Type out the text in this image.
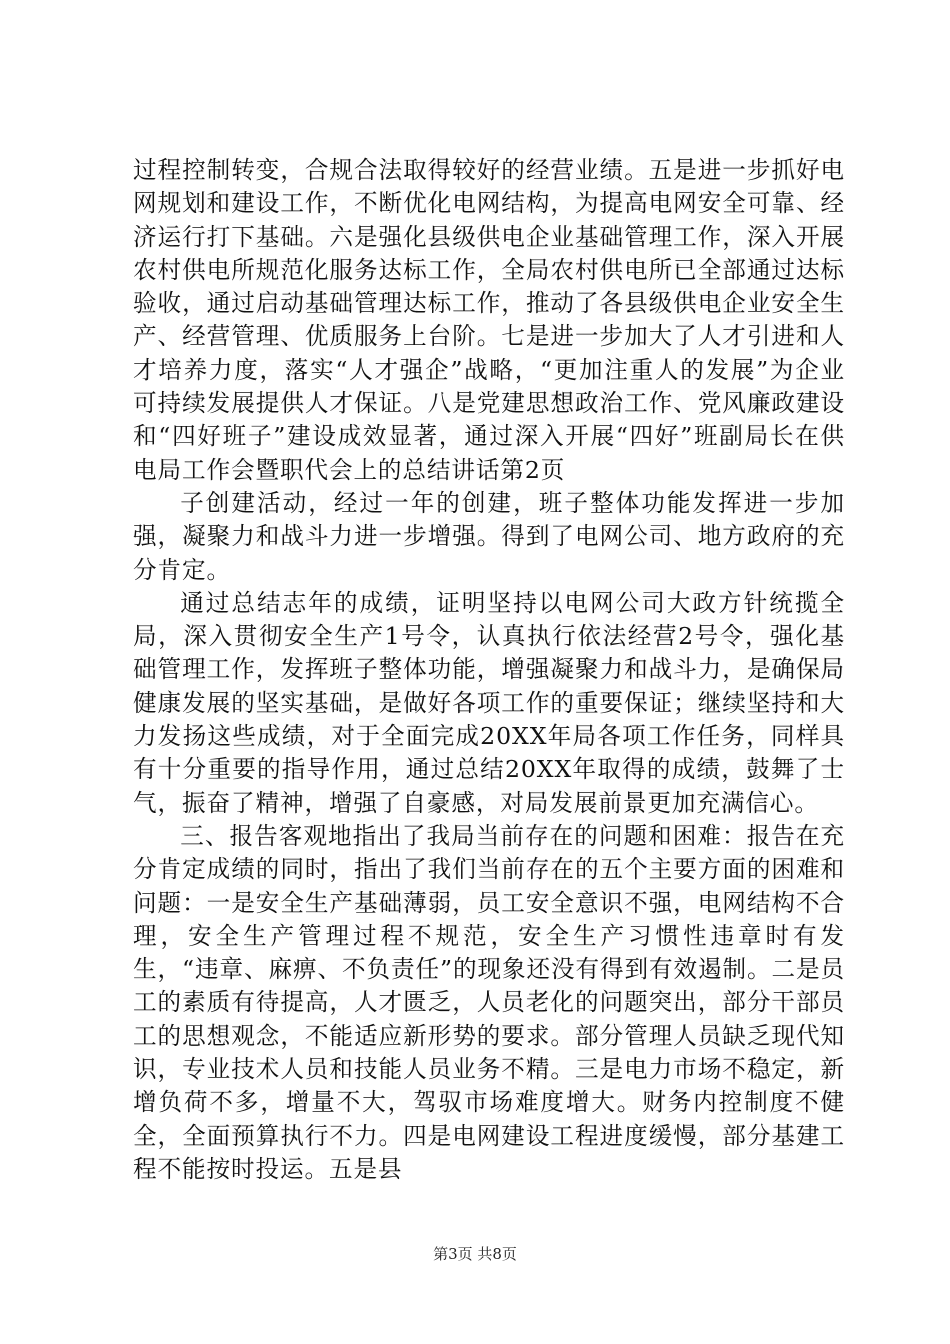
过程控制转变，合规合法取得较好的经营业绩。五是进一步抓好电网规划和建设工作，不断优化电网结构，为提高电网安全可靠、经济运行打下基础。六是强化县级供电企业基础管理工作，深入开展农村供电所规范化服务达标工作，全局农村供电所已全部通过达标验收，通过启动基础管理达标工作，推动了各县级供电企业安全生产、经营管理、优质服务上台阶。七是进一步加大了人才引进和人才培养力度，落实“人才强企”战略，“更加注重人的发展”为企业可持续发展提供人才保证。八是党建思想政治工作、党风廉政建设和“四好班子”建设成效显著，通过深入开展“四好”班副局长在供电局工作会暨职代会上的总结讲话第2页

子创建活动，经过一年的创建，班子整体功能发挥进一步加强，凝聚力和战斗力进一步增强。得到了电网公司、地方政府的充分肯定。

通过总结志年的成绩，证明坚持以电网公司大政方针统揽全局，深入贯彻安全生产1号令，认真执行依法经营2号令，强化基础管理工作，发挥班子整体功能，增强凝聚力和战斗力，是确保局健康发展的坚实基础，是做好各项工作的重要保证；继续坚持和大力发扬这些成绩，对于全面完成20XX年局各项工作任务，同样具有十分重要的指导作用，通过总结20XX年取得的成绩，鼓舞了士气，振奋了精神，增强了自豪感，对局发展前景更加充满信心。

三、报告客观地指出了我局当前存在的问题和困难：报告在充分肯定成绩的同时，指出了我们当前存在的五个主要方面的困难和问题：一是安全生产基础薄弱，员工安全意识不强，电网结构不合理，安全生产管理过程不规范，安全生产习惯性违章时有发生，“违章、麻痹、不负责任”的现象还没有得到有效遏制。二是员工的素质有待提高，人才匮乏，人员老化的问题突出，部分干部员工的思想观念，不能适应新形势的要求。部分管理人员缺乏现代知识，专业技术人员和技能人员业务不精。三是电力市场不稳定，新增负荷不多，增量不大，驾驭市场难度增大。财务内控制度不健全，全面预算执行不力。四是电网建设工程进度缓慢，部分基建工程不能按时投运。五是县

第3页 共8页
